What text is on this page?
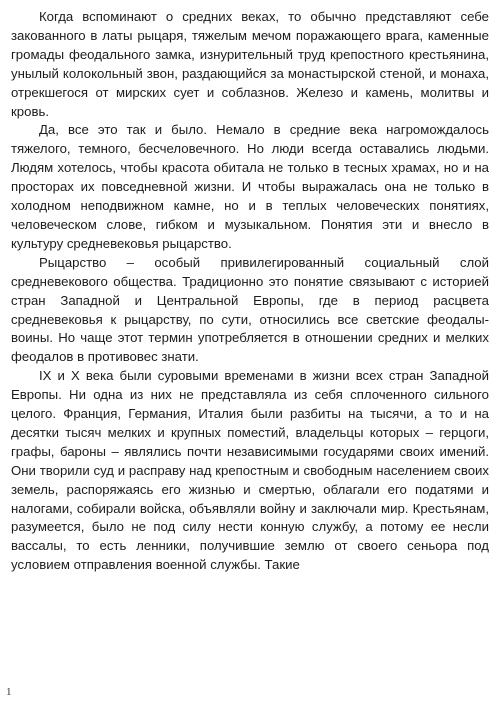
Когда вспоминают о средних веках, то обычно представляют себе закованного в латы рыцаря, тяжелым мечом поражающего врага, каменные громады феодального замка, изнурительный труд крепостного крестьянина, унылый колокольный звон, раздающийся за монастырской стеной, и монаха, отрекшегося от мирских сует и соблазнов. Железо и камень, молитвы и кровь.

Да, все это так и было. Немало в средние века нагромождалось тяжелого, темного, бесчеловечного. Но люди всегда оставались людьми. Людям хотелось, чтобы красота обитала не только в тесных храмах, но и на просторах их повседневной жизни. И чтобы выражалась она не только в холодном неподвижном камне, но и в теплых человеческих понятиях, человеческом слове, гибком и музыкальном. Понятия эти и внесло в культуру средневековья рыцарство.

Рыцарство – особый привилегированный социальный слой средневекового общества. Традиционно это понятие связывают с историей стран Западной и Центральной Европы, где в период расцвета средневековья к рыцарству, по сути, относились все светские феодалы-воины. Но чаще этот термин употребляется в отношении средних и мелких феодалов в противовес знати.

IX и X века были суровыми временами в жизни всех стран Западной Европы. Ни одна из них не представляла из себя сплоченного сильного целого. Франция, Германия, Италия были разбиты на тысячи, а то и на десятки тысяч мелких и крупных поместий, владельцы которых – герцоги, графы, бароны – являлись почти независимыми государями своих имений. Они творили суд и расправу над крепостным и свободным населением своих земель, распоряжаясь его жизнью и смертью, облагали его податями и налогами, собирали войска, объявляли войну и заключали мир. Крестьянам, разумеется, было не под силу нести конную службу, а потому ее несли вассалы, то есть ленники, получившие землю от своего сеньора под условием отправления военной службы. Такие

1
